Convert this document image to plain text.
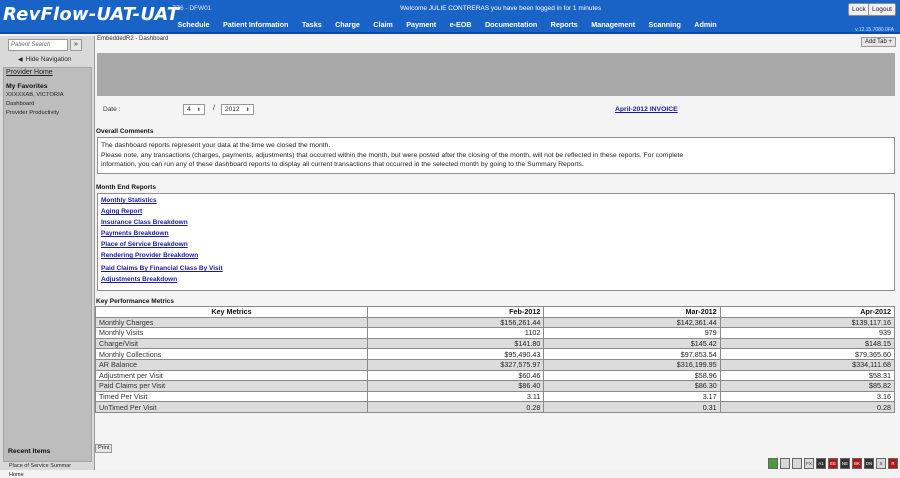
RevFlow-UAT-UAT
ZZ6 - DFW01	Welcome JULIE CONTRERAS you have been logged in for 1 minutes	Lock Logout
Schedule	Patient Information	Tasks	Charge	Claim	Payment	e-EOB	Documentation	Reports	Management	Scanning	Admin
v.12.15.7080.0FA
Patient Search	»
◀ Hide Navigation
Provider Home
My Favorites
XXXXXAB, VICTORIA
Dashboard
Provider Productivity
Recent Items
Place of Service Summar
Home
EmbeddedR2 - Dashboard	Add Tab +
Date :	4 ⬍	/	2012 ⬍	April-2012 INVOICE
Overall Comments
The dashboard reports represent your data at the time we closed the month.
Please note, any transactions (charges, payments, adjustments) that occurred within the month, but were posted after the closing of the month, will not be reflected in these reports. For complete
information, you can run any of these dashboard reports to display all current transactions that occurred in the selected month by going to the Summary Reports.
Month End Reports
Monthly Statistics
Aging Report
Insurance Class Breakdown
Payments Breakdown
Place of Service Breakdown
Rendering Provider Breakdown
Paid Claims By Financial Class By Visit
Adjustments Breakdown
Key Performance Metrics
Key Metrics	Feb-2012	Mar-2012	Apr-2012
Monthly Charges	$156,261.44	$142,361.44	$139,117.16
Monthly Visits	1102	979	939
Charge/Visit	$141.80	$145.42	$148.15
Monthly Collections	$95,490.43	$97,853.54	$79,365.60
AR Balance	$327,575.97	$316,199.95	$334,111.68
Adjustment per Visit	$60.46	$58.96	$58.31
Paid Claims per Visit	$86.40	$86.30	$85.82
Timed Per Visit	3.11	3.17	3.16
UnTimed Per Visit	0.28	0.31	0.28
Print
FX	A1	EE	NE	BK	DN	X	R
